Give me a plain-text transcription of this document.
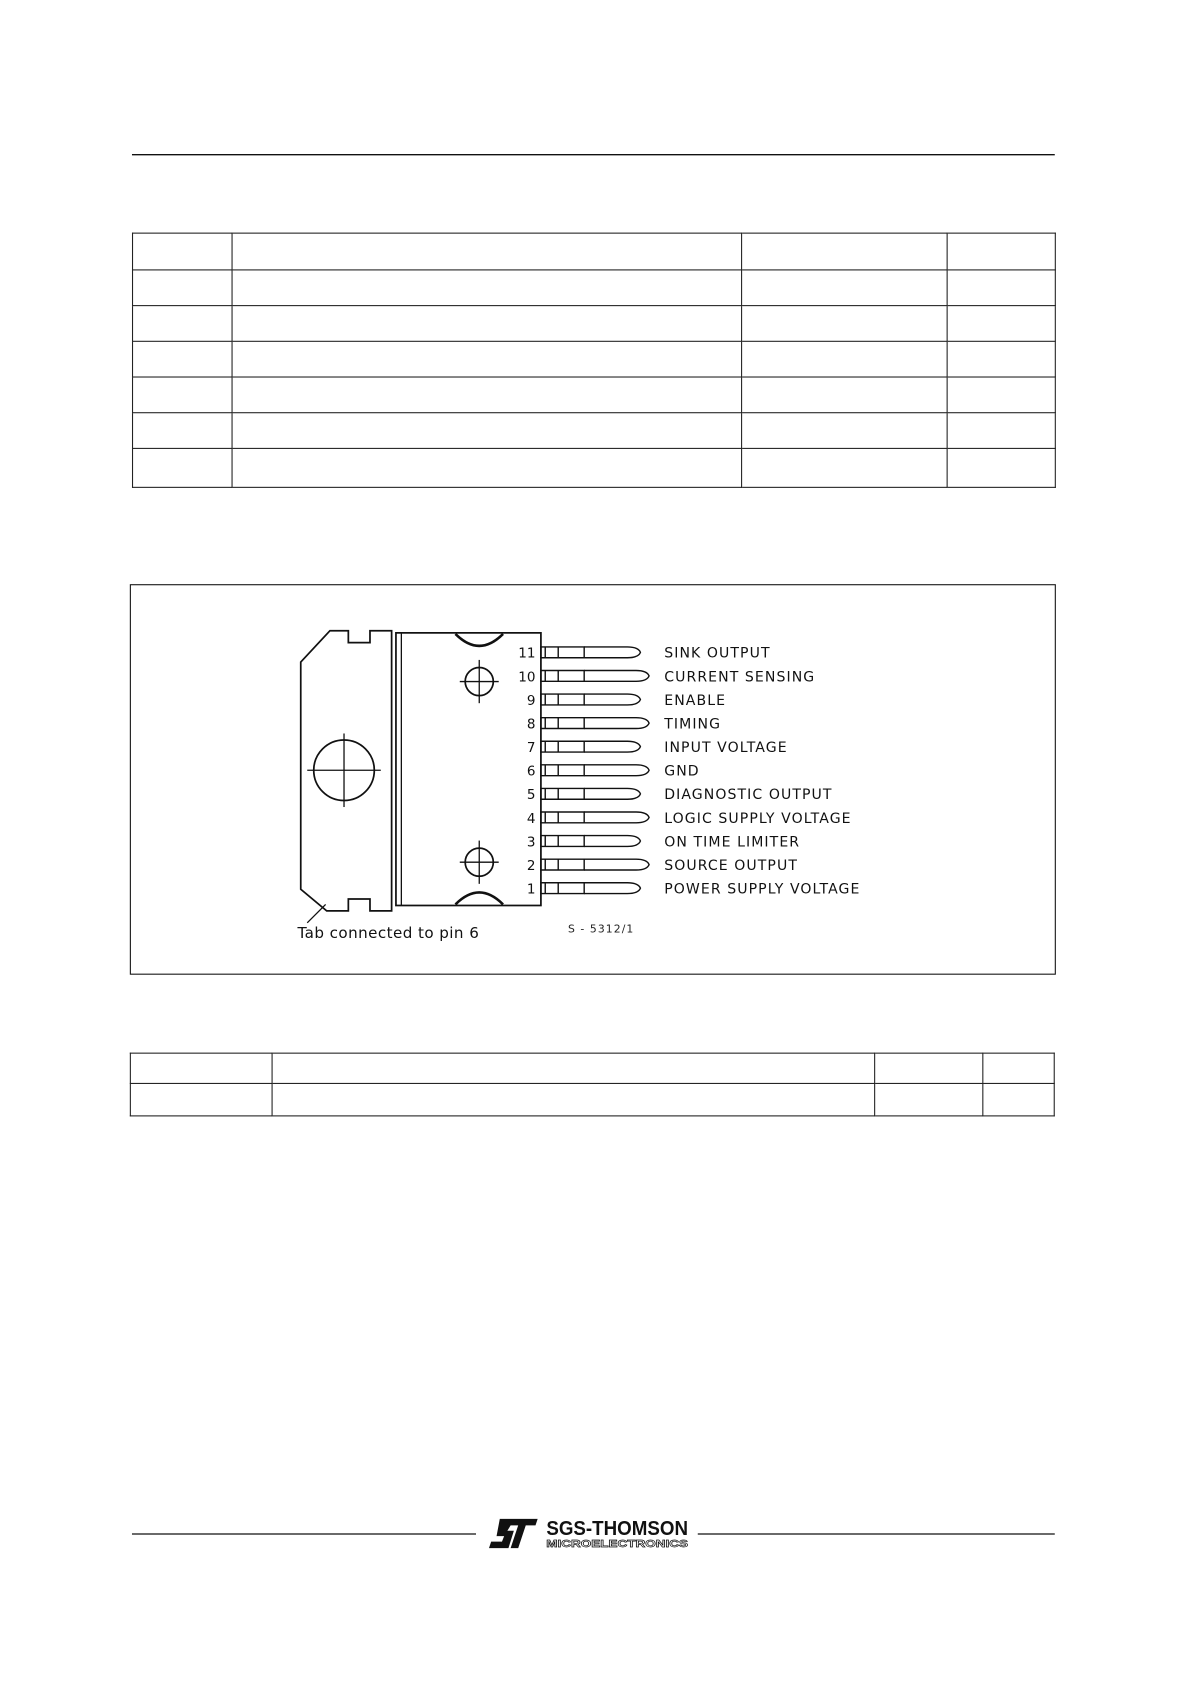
11	SINK OUTPUT
10	CURRENT SENSING
9	ENABLE
8	TIMING
7	INPUT VOLTAGE
6	GND
5	DIAGNOSTIC OUTPUT
4	LOGIC SUPPLY VOLTAGE
3	ON TIME LIMITER
2	SOURCE OUTPUT
1	POWER SUPPLY VOLTAGE
Tab connected to pin 6	S - 5312/1
SGS-THOMSON
MICROELECTRONICS
